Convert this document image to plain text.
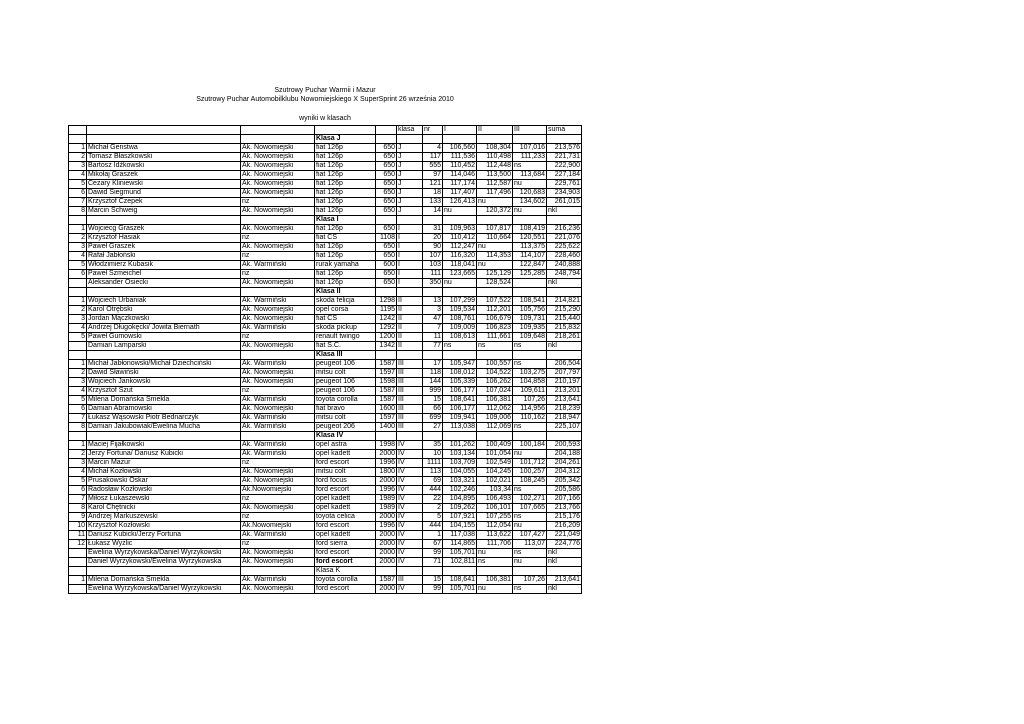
Szutrowy Puchar Warmii i Mazur
Szutrowy Puchar Automobilklubu Nowomiejskiego X SuperSprint 26 września 2010
wyniki w klasach
					klasa	nr	I	II	III	suma
			Klasa J							
1	Michał Genstwa	Ak. Nowomiejski	fiat 126p	650	J	4	106,560	108,304	107,016	213,576
2	Tomasz Błaszkowski	Ak. Nowomiejski	fiat 126p	650	J	117	111,536	110,498	111,233	221,731
3	Bartosz Idźkowski	Ak. Nowomiejski	fiat 126p	650	J	555	110,452	112,448	ns	222,900
4	Mikołaj Graszek	Ak. Nowomiejski	fiat 126p	650	J	97	114,046	113,500	113,684	227,184
5	Cezary Kliniewski	Ak. Nowomiejski	fiat 126p	650	J	121	117,174	112,587	nu	229,761
6	Dawid Siegmund	Ak. Nowomiejski	fiat 126p	650	J	18	117,407	117,496	120,683	234,903
7	Krzysztof Czepek	nz	fiat 126p	650	J	133	126,413	nu	134,602	261,015
8	Marcin Schweig	Ak. Nowomiejski	fiat 126p	650	J	14	nu	120,372	nu	nkl
			Klasa I							
1	Wojciecg Graszek	Ak. Nowomiejski	fiat 126p	650	I	31	109,963	107,817	108,419	216,236
2	Krzysztof Hasiak	nz	fiat CS	1108	I	20	110,412	110,664	120,551	221,076
3	Paweł Graszek	Ak. Nowomiejski	fiat 126p	650	I	90	112,247	nu	113,375	225,622
4	Rafał Jabłoński	nz	fiat 126p	650	I	107	116,320	114,353	114,107	228,460
5	Włodzimierz Kubasik	Ak. Warmiński	rurak yamaha	600	I	103	118,041	nu	122,847	240,888
6	Paweł Szmeichel	nz	fiat 126p	650	I	111	123,665	125,129	125,285	248,794
	Aleksander Osiecki	Ak. Nowomiejski	fiat 126p	650	I	350	nu	128,524		nkl
			Klasa II							
1	Wojciech Urbaniak	Ak. Warmiński	skoda felicja	1298	II	13	107,299	107,522	108,541	214,821
2	Karol Otrębski	Ak. Nowomiejski	opel corsa	1195	II	3	109,534	112,201	105,756	215,290
3	Jordan Mączkowski	Ak. Nowomiejski	fiat CS	1242	II	47	108,761	106,679	109,731	215,440
4	Andrzej Długokęcki/ Jowita Biernath	Ak. Warmiński	skoda pickup	1292	II	7	109,009	106,823	109,935	215,832
5	Paweł Gumowski	nz	renault twingo	1200	II	11	108,613	111,661	109,648	218,261
	Damian Lamparski	Ak. Nowomiejski	fiat S.C.	1342	II	77	ns	ns	ns	nkl
			Klasa III							
1	Michał Jabłonowski/Michał Dziechciński	Ak. Warmiński	peugeot 106	1587	III	17	105,947	100,557	ns	206,504
2	Dawid Sławiński	Ak. Nowomiejski	mitsu colt	1597	III	118	108,012	104,522	103,275	207,797
3	Wojciech Jankowski	Ak. Nowomiejski	peugeot 106	1598	III	144	105,339	106,262	104,858	210,197
4	Krzysztof Szut	nz	peugeot 106	1587	III	999	106,177	107,024	109,611	213,201
5	Milena Domańska Smekla	Ak. Warmiński	toyota corolla	1587	III	15	108,641	106,381	107,26	213,641
6	Damian Abramowski	Ak. Nowomiejski	fiat bravo	1600	III	66	106,177	112,062	114,956	218,239
7	Łukasz Wąsowski Piotr Bednarczyk	Ak. Warmiński	mitsu colt	1597	III	699	109,941	109,006	110,162	218,947
8	Damian Jakubowiak/Ewelina Mucha	Ak. Warmiński	peugeot 206	1400	III	27	113,038	112,069	ns	225,107
			Klasa IV							
1	Maciej Fijałkowski	Ak. Warmiński	opel astra	1998	IV	35	101,262	100,409	100,184	200,593
2	Jerzy Fortuna/ Dariusz Kubicki	Ak. Warmiński	opel kadett	2000	IV	10	103,134	101,054	nu	204,188
3	Marcin Mazur	nz	ford escort	1996	IV	1111	103,709	102,549	101,712	204,261
4	Michał Kozłowski	Ak. Nowomiejski	mitsu colt	1800	IV	113	104,055	104,245	100,257	204,312
5	Prusakowski Oskar	Ak. Nowomiejski	ford focus	2000	IV	69	103,321	102,021	108,245	205,342
6	Radosław Kozłowski	Ak.Nowomiejski	ford escort	1996	IV	444	102,246	103,34	ns	205,586
7	Miłosz Łukaszewski	nz	opel kadett	1989	IV	22	104,895	106,493	102,271	207,166
8	Karol Chętnicki	Ak. Nowomiejski	opel kadett	1989	IV	2	109,262	106,101	107,665	213,766
9	Andrzej Markuszewski	nz	toyota celica	2000	IV	5	107,921	107,255	ns	215,176
10	Krzysztof Kozłowski	Ak.Nowomiejski	ford escort	1996	IV	444	104,155	112,054	nu	216,209
11	Dariusz Kubicki/Jerzy Fortuna	Ak. Warmiński	opel kadett	2000	IV	1	117,038	113,622	107,427	221,049
12	Łukasz Wyżlic	nz	ford sierra	2000	IV	67	114,865	111,706	113,07	224,776
	Ewelina Wyrzykowska/Daniel Wyrzykowski	Ak. Nowomiejski	ford escort	2000	IV	99	105,701	nu	ns	nkl
	Daniel Wyrzykowski/Ewelina Wyrzykowska	Ak. Nowomiejski	ford escort	2000	IV	71	102,811	ns	nu	nkl
			Klasa K							
1	Milena Domańska Smekla	Ak. Warmiński	toyota corolla	1587	III	15	108,641	106,381	107,26	213,641
	Ewelina Wyrzykowska/Daniel Wyrzykowski	Ak. Nowomiejski	ford escort	2000	IV	99	105,701	nu	ns	nkl
